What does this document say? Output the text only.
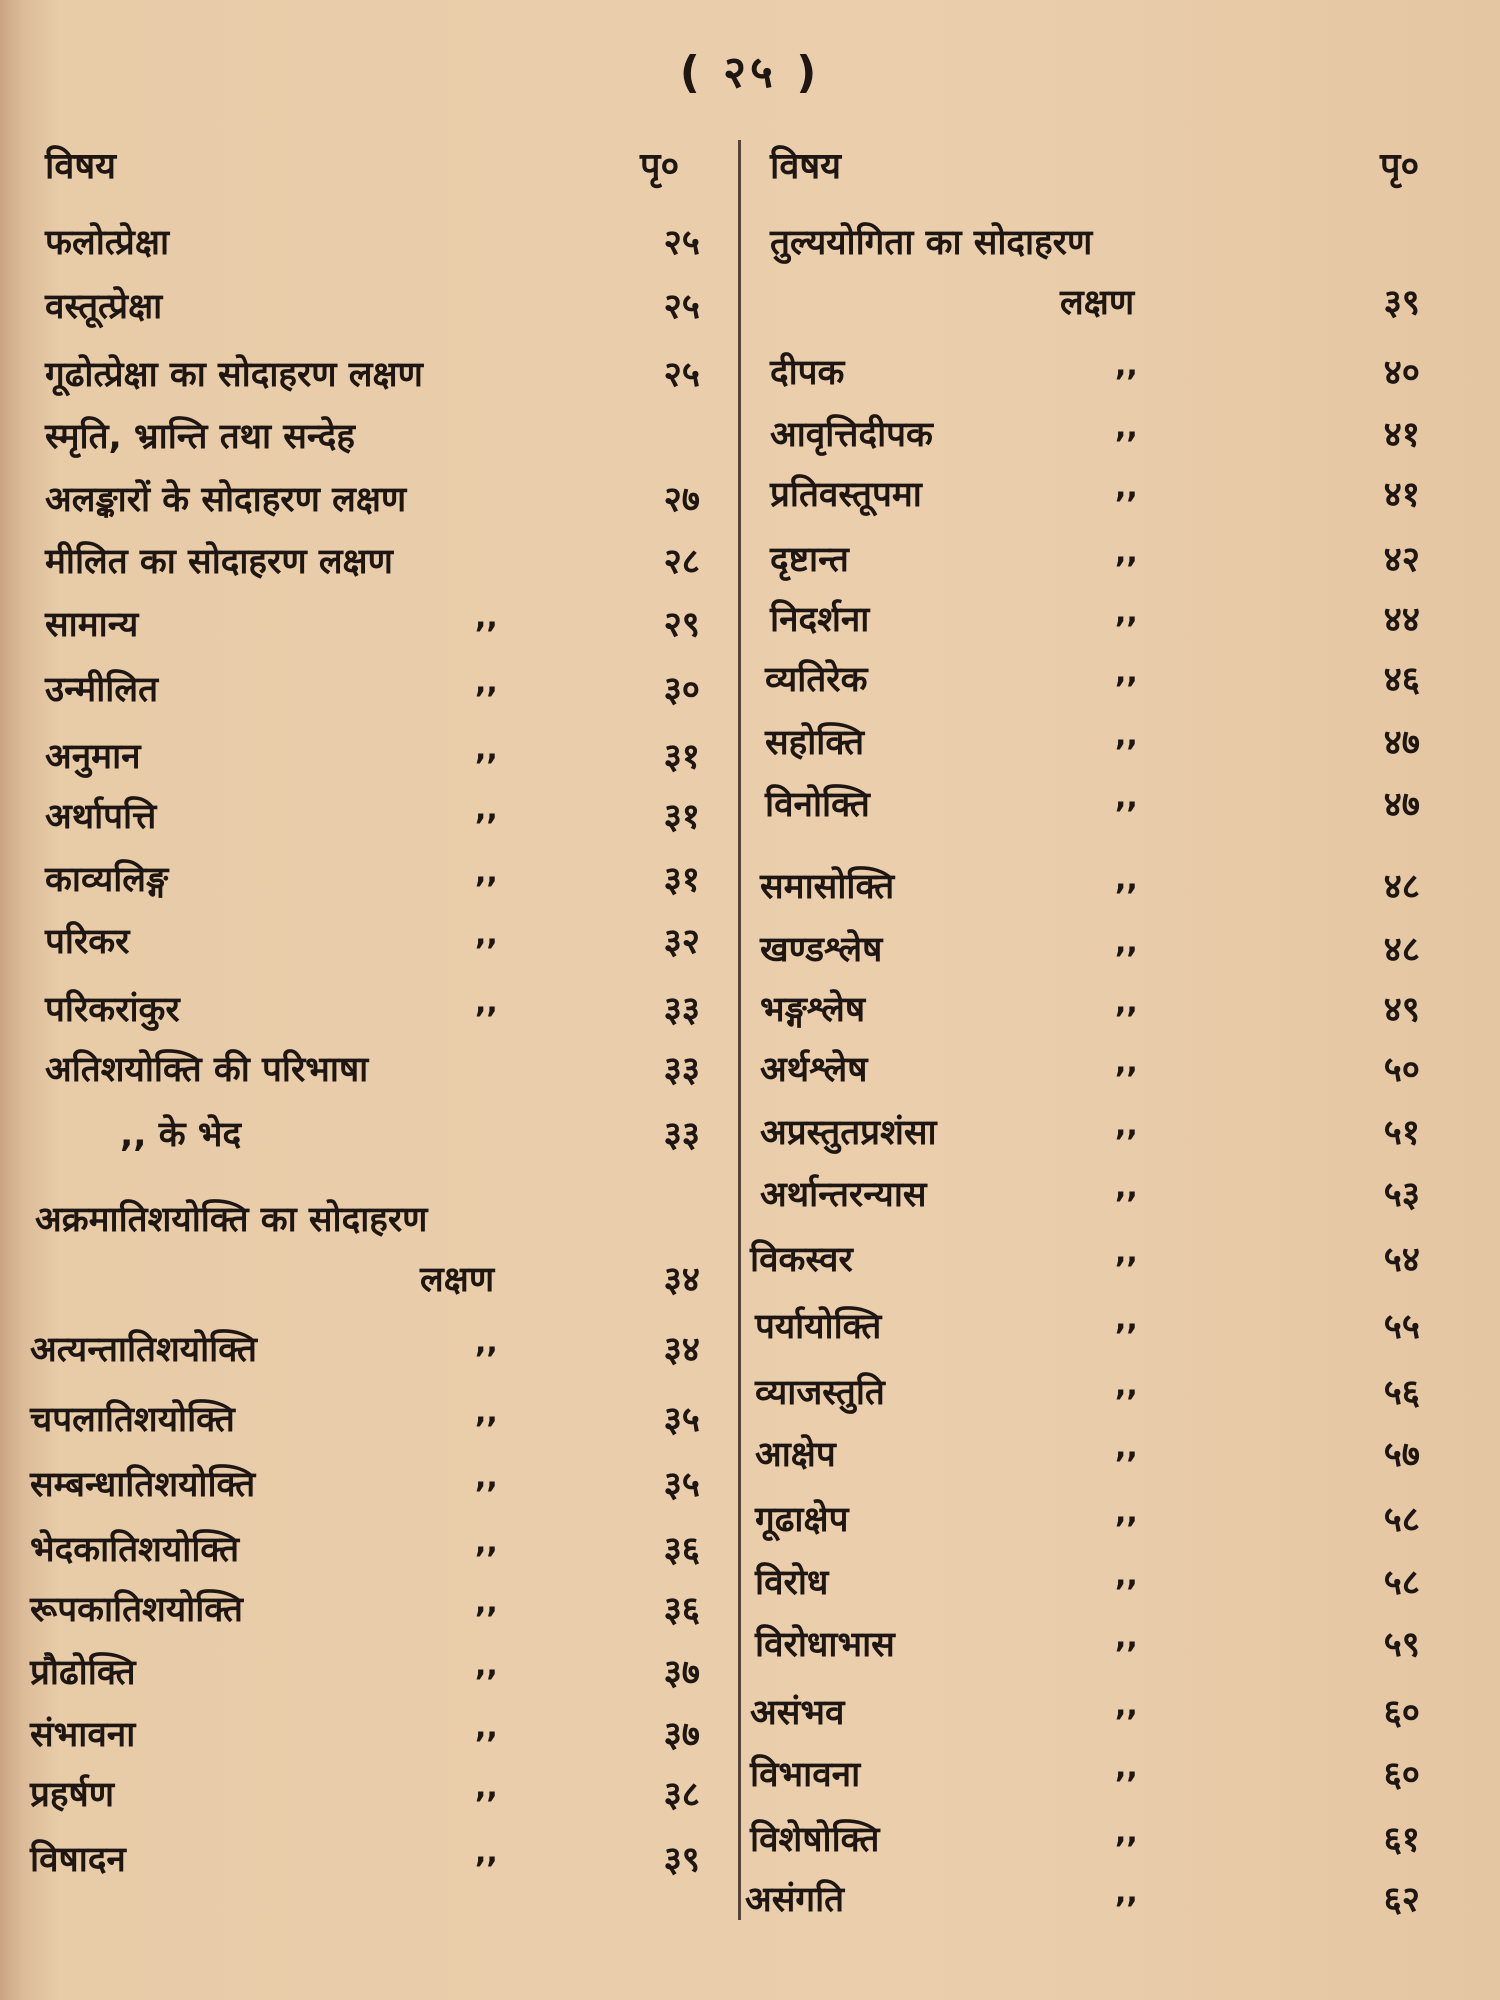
( २५ )
विषय	पृ०	विषय	पृ०
फलोत्प्रेक्षा	२५
वस्तूत्प्रेक्षा	२५
गूढोत्प्रेक्षा का सोदाहरण लक्षण	२५
स्मृति, भ्रान्ति तथा सन्देह
अलङ्कारों के सोदाहरण लक्षण	२७
मीलित का सोदाहरण लक्षण	२८
सामान्य	,,	२९
उन्मीलित	,,	३०
अनुमान	,,	३१
अर्थापत्ति	,,	३१
काव्यलिङ्ग	,,	३१
परिकर	,,	३२
परिकरांकुर	,,	३३
अतिशयोक्ति की परिभाषा	३३
,, के भेद	३३
अक्रमातिशयोक्ति का सोदाहरण
लक्षण	३४
अत्यन्तातिशयोक्ति	,,	३४
चपलातिशयोक्ति	,,	३५
सम्बन्धातिशयोक्ति	,,	३५
भेदकातिशयोक्ति	,,	३६
रूपकातिशयोक्ति	,,	३६
प्रौढोक्ति	,,	३७
संभावना	,,	३७
प्रहर्षण	,,	३८
विषादन	,,	३९
तुल्ययोगिता का सोदाहरण
लक्षण	३९
दीपक	,,	४०
आवृत्तिदीपक	,,	४१
प्रतिवस्तूपमा	,,	४१
दृष्टान्त	,,	४२
निदर्शना	,,	४४
व्यतिरेक	,,	४६
सहोक्ति	,,	४७
विनोक्ति	,,	४७
समासोक्ति	,,	४८
खण्डश्लेष	,,	४८
भङ्गश्लेष	,,	४९
अर्थश्लेष	,,	५०
अप्रस्तुतप्रशंसा	,,	५१
अर्थान्तरन्यास	,,	५३
विकस्वर	,,	५४
पर्यायोक्ति	,,	५५
व्याजस्तुति	,,	५६
आक्षेप	,,	५७
गूढाक्षेप	,,	५८
विरोध	,,	५८
विरोधाभास	,,	५९
असंभव	,,	६०
विभावना	,,	६०
विशेषोक्ति	,,	६१
असंगति	,,	६२
